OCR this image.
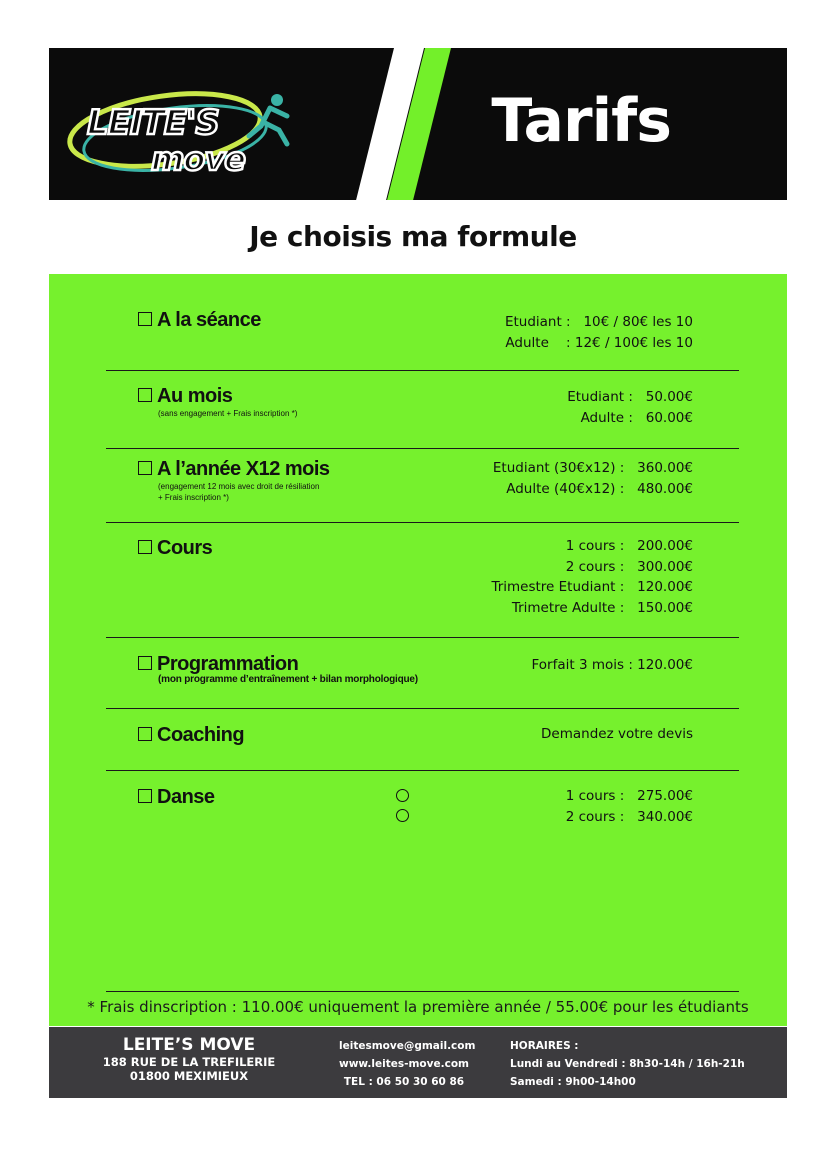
LEITE'S
move
Tarifs
Je choisis ma formule
A la séance	Etudiant :   10€ / 80€ les 10
Adulte    : 12€ / 100€ les 10
Au mois
(sans engagement + Frais inscription *)
Etudiant :   50.00€
Adulte :   60.00€
A l’année X12 mois
(engagement 12 mois avec droit de résiliation
+ Frais inscription *)
Etudiant (30€x12) :   360.00€
Adulte (40€x12) :   480.00€
Cours	1 cours :   200.00€
2 cours :   300.00€
Trimestre Etudiant :   120.00€
Trimetre Adulte :   150.00€
Programmation
(mon programme d’entraînement + bilan morphologique)
Forfait 3 mois : 120.00€
Coaching	Demandez votre devis
Danse	1 cours :   275.00€
2 cours :   340.00€
* Frais dinscription : 110.00€ uniquement la première année / 55.00€ pour les étudiants
LEITE’S MOVE
188 RUE DE LA TREFILERIE
01800 MEXIMIEUX
leitesmove@gmail.com
www.leites-move.com
TEL : 06 50 30 60 86
HORAIRES :
Lundi au Vendredi : 8h30-14h / 16h-21h
Samedi : 9h00-14h00
